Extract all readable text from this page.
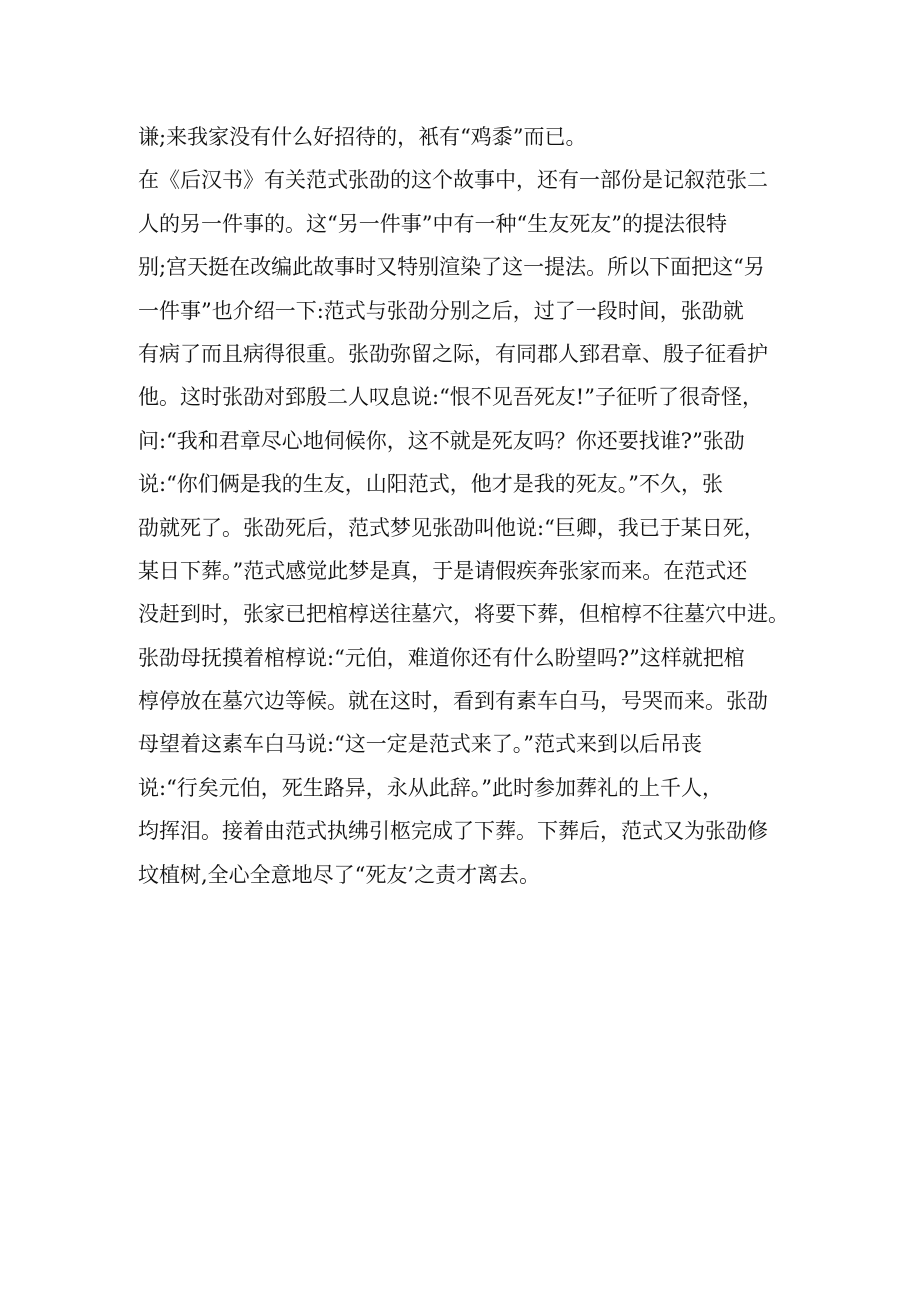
谦;来我家没有什么好招待的，衹有“鸡黍”而已。
在《后汉书》有关范式张劭的这个故事中，还有一部份是记叙范张二
人的另一件事的。这“另一件事”中有一种“生友死友”的提法很特
别;宫天挺在改编此故事时又特别渲染了这一提法。所以下面把这“另
一件事”也介绍一下:范式与张劭分别之后，过了一段时间，张劭就
有病了而且病得很重。张劭弥留之际，有同郡人郅君章、殷子征看护
他。这时张劭对郅殷二人叹息说:“恨不见吾死友!”子征听了很奇怪，
问:“我和君章尽心地伺候你，这不就是死友吗？你还要找谁?”张劭
说:“你们俩是我的生友，山阳范式，他才是我的死友。”不久，张
劭就死了。张劭死后，范式梦见张劭叫他说:“巨卿，我已于某日死，
某日下葬。”范式感觉此梦是真，于是请假疾奔张家而来。在范式还
没赶到时，张家已把棺椁送往墓穴，将要下葬，但棺椁不往墓穴中进。
张劭母抚摸着棺椁说:“元伯，难道你还有什么盼望吗?”这样就把棺
椁停放在墓穴边等候。就在这时，看到有素车白马，号哭而来。张劭
母望着这素车白马说:“这一定是范式来了。”范式来到以后吊丧
说:“行矣元伯，死生路异，永从此辞。”此时参加葬礼的上千人，
均挥泪。接着由范式执绋引柩完成了下葬。下葬后，范式又为张劭修
坟植树,全心全意地尽了“死友’之责才离去。
